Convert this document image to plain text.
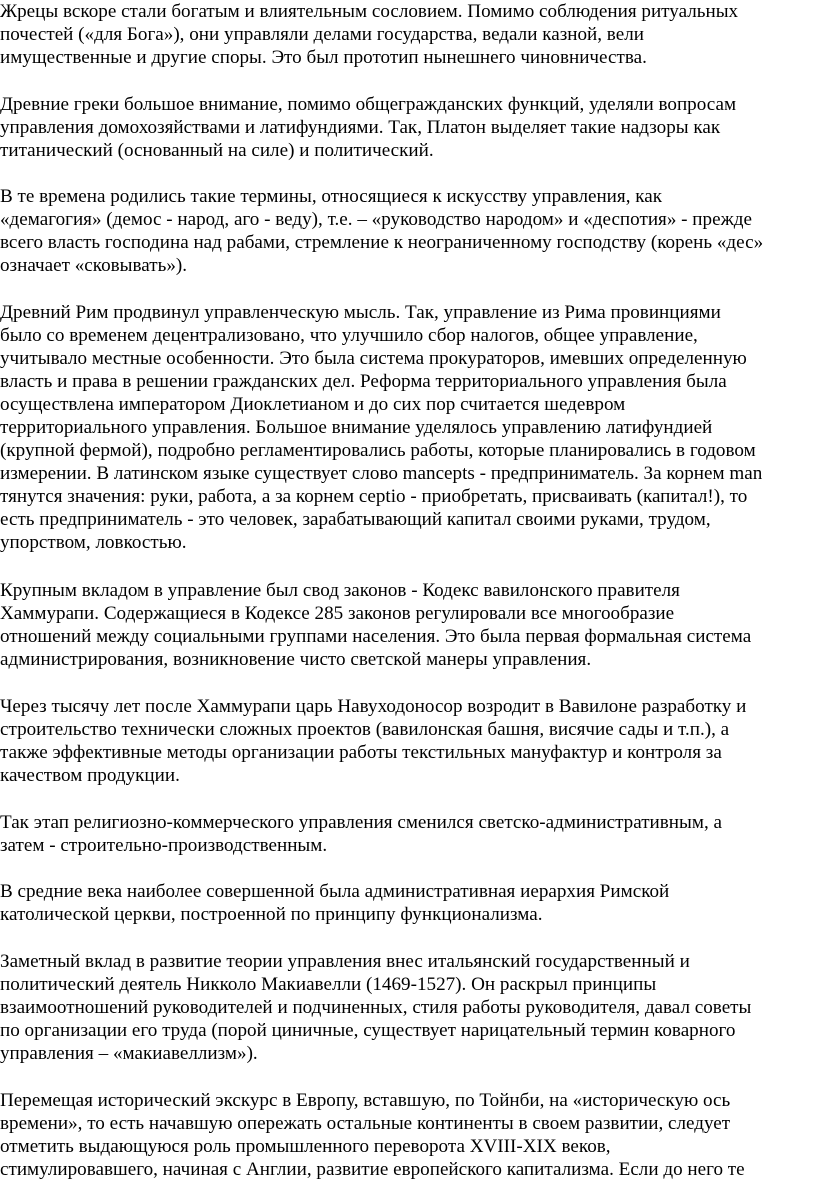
Жрецы вскоре стали богатым и влиятельным сословием. Помимо соблюдения ритуальных
почестей («для Бога»), они управляли делами государства, ведали казной, вели
имущественные и другие споры. Это был прототип нынешнего чиновничества.
Древние греки большое внимание, помимо общегражданских функций, уделяли вопросам
управления домохозяйствами и латифундиями. Так, Платон выделяет такие надзоры как
титанический (основанный на силе) и политический.
В те времена родились такие термины, относящиеся к искусству управления, как
«демагогия» (демос - народ, аго - веду), т.е. – «руководство народом» и «деспотия» - прежде
всего власть господина над рабами, стремление к неограниченному господству (корень «дес»
означает «сковывать»).
Древний Рим продвинул управленческую мысль. Так, управление из Рима провинциями
было со временем децентрализовано, что улучшило сбор налогов, общее управление,
учитывало местные особенности. Это была система прокураторов, имевших определенную
власть и права в решении гражданских дел. Реформа территориального управления была
осуществлена императором Диоклетианом и до сих пор считается шедевром
территориального управления. Большое внимание уделялось управлению латифундией
(крупной фермой), подробно регламентировались работы, которые планировались в годовом
измерении. В латинском языке существует слово mancepts - предприниматель. За корнем man
тянутся значения: руки, работа, а за корнем ceptio - приобретать, присваивать (капитал!), то
есть предприниматель - это человек, зарабатывающий капитал своими руками, трудом,
упорством, ловкостью.
Крупным вкладом в управление был свод законов - Кодекс вавилонского правителя
Хаммурапи. Содержащиеся в Кодексе 285 законов регулировали все многообразие
отношений между социальными группами населения. Это была первая формальная система
администрирования, возникновение чисто светской манеры управления.
Через тысячу лет после Хаммурапи царь Навуходоносор возродит в Вавилоне разработку и
строительство технически сложных проектов (вавилонская башня, висячие сады и т.п.), а
также эффективные методы организации работы текстильных мануфактур и контроля за
качеством продукции.
Так этап религиозно-коммерческого управления сменился светско-административным, а
затем - строительно-производственным.
В средние века наиболее совершенной была административная иерархия Римской
католической церкви, построенной по принципу функционализма.
Заметный вклад в развитие теории управления внес итальянский государственный и
политический деятель Никколо Макиавелли (1469-1527). Он раскрыл принципы
взаимоотношений руководителей и подчиненных, стиля работы руководителя, давал советы
по организации его труда (порой циничные, существует нарицательный термин коварного
управления – «макиавеллизм»).
Перемещая исторический экскурс в Европу, вставшую, по Тойнби, на «историческую ось
времени», то есть начавшую опережать остальные континенты в своем развитии, следует
отметить выдающуюся роль промышленного переворота XVIII-XIX веков,
стимулировавшего, начиная с Англии, развитие европейского капитализма. Если до него те
